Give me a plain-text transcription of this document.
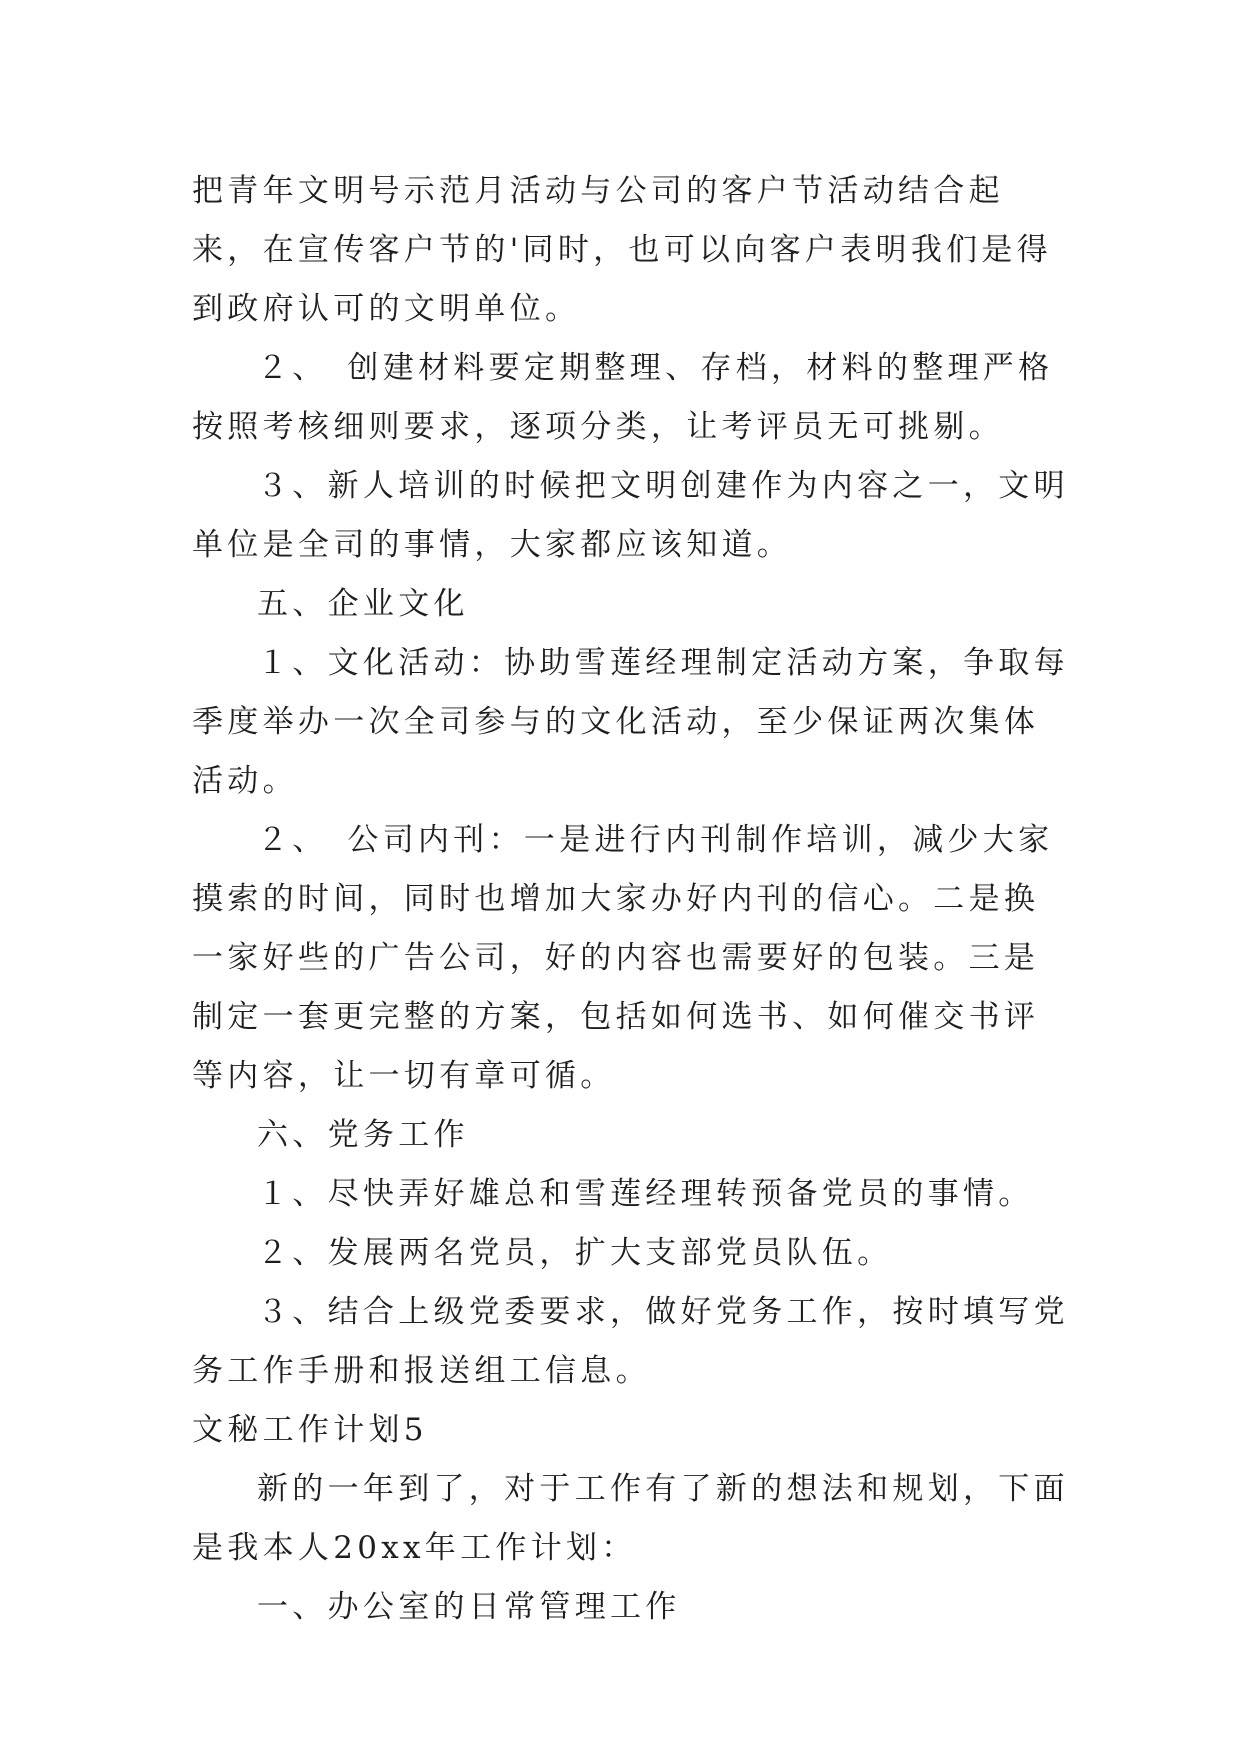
把青年文明号示范月活动与公司的客户节活动结合起来，在宣传客户节的'同时，也可以向客户表明我们是得到政府认可的文明单位。

２、　创建材料要定期整理、存档，材料的整理严格按照考核细则要求，逐项分类，让考评员无可挑剔。

３、新人培训的时候把文明创建作为内容之一，文明单位是全司的事情，大家都应该知道。

五、企业文化

１、文化活动：协助雪莲经理制定活动方案，争取每季度举办一次全司参与的文化活动，至少保证两次集体活动。

２、　公司内刊：一是进行内刊制作培训，减少大家摸索的时间，同时也增加大家办好内刊的信心。二是换一家好些的广告公司，好的内容也需要好的包装。三是制定一套更完整的方案，包括如何选书、如何催交书评等内容，让一切有章可循。

六、党务工作

１、尽快弄好雄总和雪莲经理转预备党员的事情。

２、发展两名党员，扩大支部党员队伍。

３、结合上级党委要求，做好党务工作，按时填写党务工作手册和报送组工信息。

文秘工作计划5

新的一年到了，对于工作有了新的想法和规划，下面是我本人20xx年工作计划：

一、办公室的日常管理工作
